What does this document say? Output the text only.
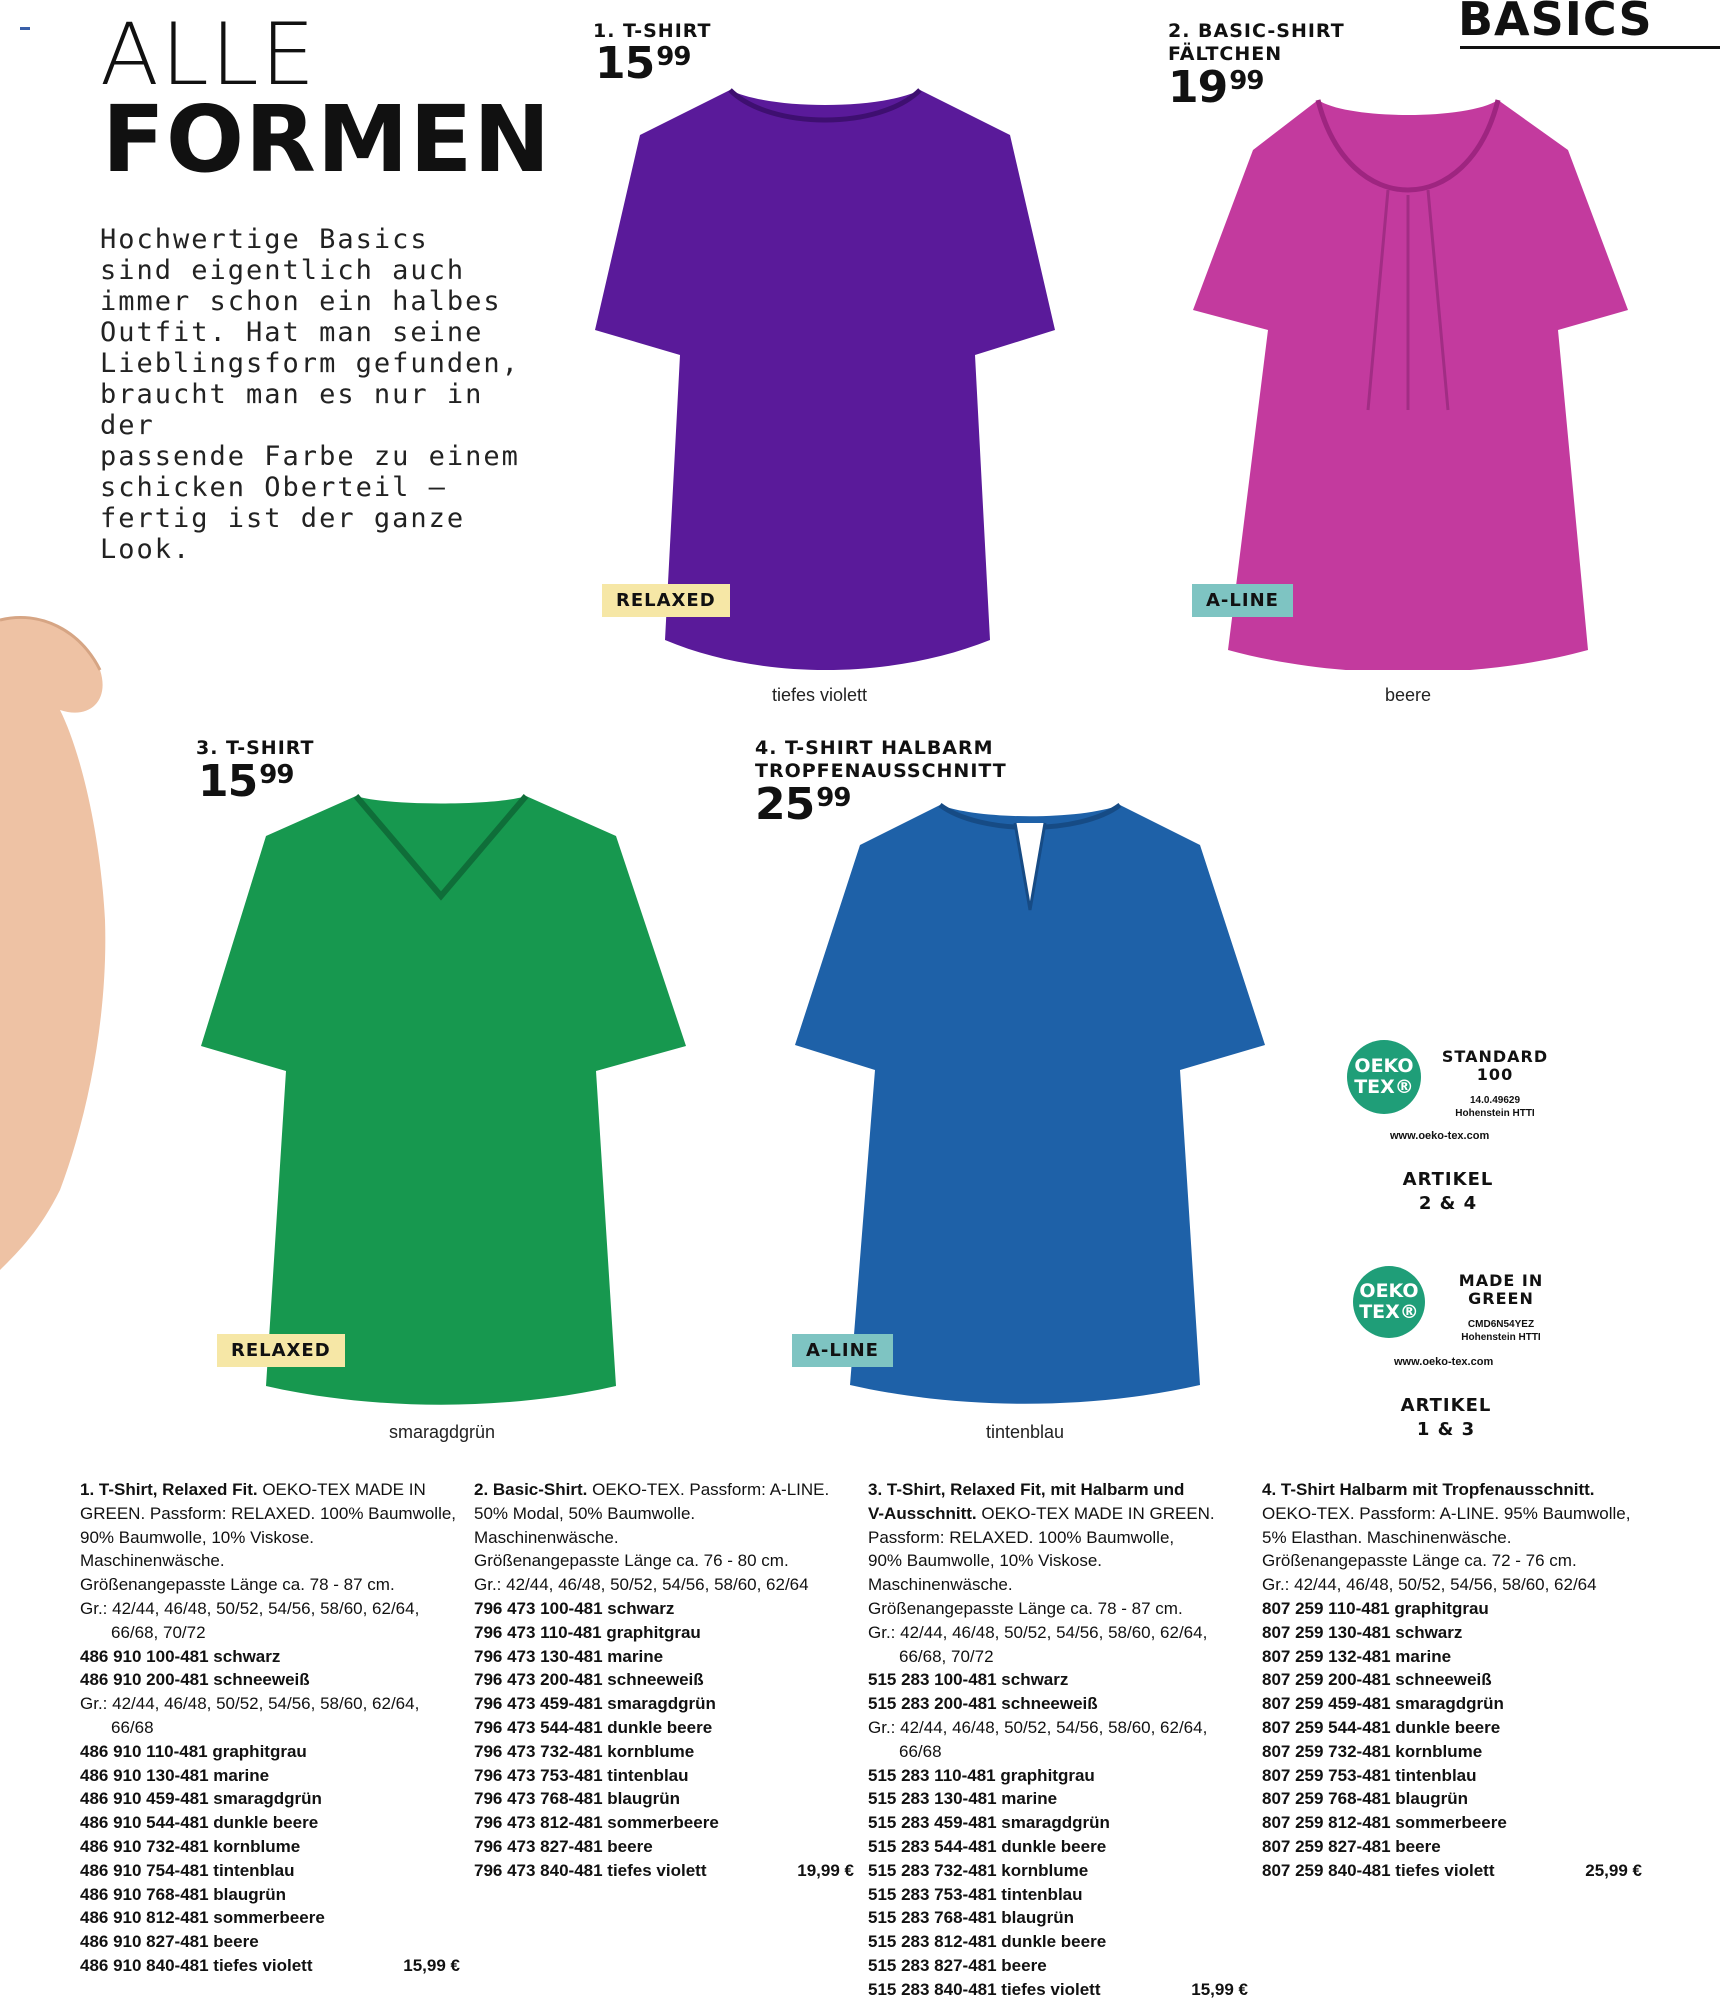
▬ ALLE
FORMEN
Hochwertige Basics
sind eigentlich auch
immer schon ein halbes
Outfit. Hat man seine
Lieblingsform gefunden,
braucht man es nur in der
passende Farbe zu einem
schicken Oberteil –
fertig ist der ganze Look.
BASICS
1. T-SHIRT
$15^{99}$
RELAXED
tiefes violett
2. BASIC-SHIRT
FÄLTCHEN
$19^{99}$
A-LINE
beere
3. T-SHIRT
$15^{99}$
RELAXED
smaragdgrün
4. T-SHIRT HALBARM
TROPFENAUSSCHNITT
$25^{99}$
A-LINE
tintenblau
OEKO
TEX®
STANDARD
100
14.0.49629
Hohenstein HTTI
www.oeko-tex.com
ARTIKEL
2 & 4
OEKO
TEX®
MADE IN
GREEN
CMD6N54YEZ
Hohenstein HTTI
www.oeko-tex.com
ARTIKEL
1 & 3
1. T-Shirt, Relaxed Fit. OEKO-TEX MADE IN
GREEN. Passform: RELAXED. 100% Baumwolle,
90% Baumwolle, 10% Viskose.
Maschinenwäsche.
Größenangepasste Länge ca. 78 - 87 cm.
Gr.: 42/44, 46/48, 50/52, 54/56, 58/60, 62/64,
66/68, 70/72
486 910 100-481 schwarz
486 910 200-481 schneeweiß
Gr.: 42/44, 46/48, 50/52, 54/56, 58/60, 62/64,
66/68
486 910 110-481 graphitgrau
486 910 130-481 marine
486 910 459-481 smaragdgrün
486 910 544-481 dunkle beere
486 910 732-481 kornblume
486 910 754-481 tintenblau
486 910 768-481 blaugrün
486 910 812-481 sommerbeere
486 910 827-481 beere
486 910 840-481 tiefes violett	15,99 €
2. Basic-Shirt. OEKO-TEX. Passform: A-LINE.
50% Modal, 50% Baumwolle.
Maschinenwäsche.
Größenangepasste Länge ca. 76 - 80 cm.
Gr.: 42/44, 46/48, 50/52, 54/56, 58/60, 62/64
796 473 100-481 schwarz
796 473 110-481 graphitgrau
796 473 130-481 marine
796 473 200-481 schneeweiß
796 473 459-481 smaragdgrün
796 473 544-481 dunkle beere
796 473 732-481 kornblume
796 473 753-481 tintenblau
796 473 768-481 blaugrün
796 473 812-481 sommerbeere
796 473 827-481 beere
796 473 840-481 tiefes violett	19,99 €
3. T-Shirt, Relaxed Fit, mit Halbarm und
V-Ausschnitt. OEKO-TEX MADE IN GREEN.
Passform: RELAXED. 100% Baumwolle,
90% Baumwolle, 10% Viskose.
Maschinenwäsche.
Größenangepasste Länge ca. 78 - 87 cm.
Gr.: 42/44, 46/48, 50/52, 54/56, 58/60, 62/64,
66/68, 70/72
515 283 100-481 schwarz
515 283 200-481 schneeweiß
Gr.: 42/44, 46/48, 50/52, 54/56, 58/60, 62/64,
66/68
515 283 110-481 graphitgrau
515 283 130-481 marine
515 283 459-481 smaragdgrün
515 283 544-481 dunkle beere
515 283 732-481 kornblume
515 283 753-481 tintenblau
515 283 768-481 blaugrün
515 283 812-481 dunkle beere
515 283 827-481 beere
515 283 840-481 tiefes violett	15,99 €
4. T-Shirt Halbarm mit Tropfenausschnitt.
OEKO-TEX. Passform: A-LINE. 95% Baumwolle,
5% Elasthan. Maschinenwäsche.
Größenangepasste Länge ca. 72 - 76 cm.
Gr.: 42/44, 46/48, 50/52, 54/56, 58/60, 62/64
807 259 110-481 graphitgrau
807 259 130-481 schwarz
807 259 132-481 marine
807 259 200-481 schneeweiß
807 259 459-481 smaragdgrün
807 259 544-481 dunkle beere
807 259 732-481 kornblume
807 259 753-481 tintenblau
807 259 768-481 blaugrün
807 259 812-481 sommerbeere
807 259 827-481 beere
807 259 840-481 tiefes violett	25,99 €
